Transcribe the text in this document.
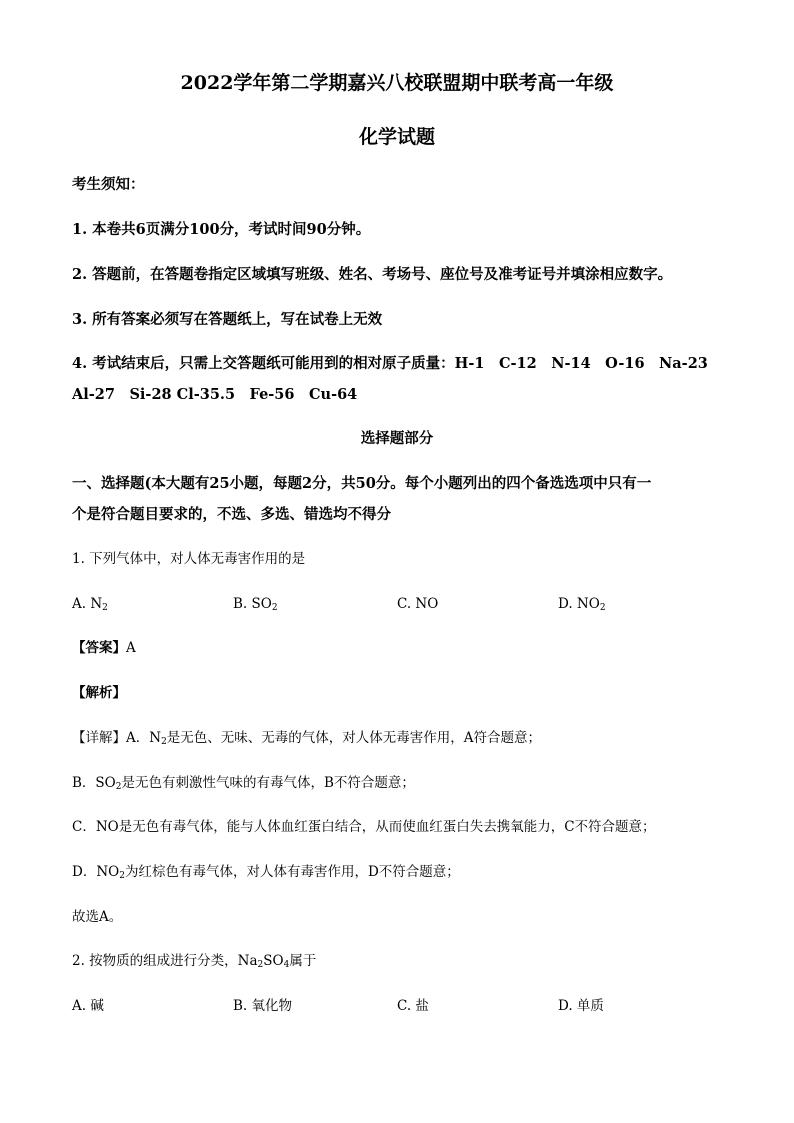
2022学年第二学期嘉兴八校联盟期中联考高一年级
化学试题
考生须知：
1. 本卷共6页满分100分，考试时间90分钟。
2. 答题前，在答题卷指定区域填写班级、姓名、考场号、座位号及准考证号并填涂相应数字。
3. 所有答案必须写在答题纸上，写在试卷上无效
4. 考试结束后，只需上交答题纸可能用到的相对原子质量：H-1　C-12　N-14　O-16　Na-23
Al-27　Si-28 Cl-35.5　Fe-56　Cu-64
选择题部分
一、选择题(本大题有25小题，每题2分，共50分。每个小题列出的四个备选选项中只有一
个是符合题目要求的，不选、多选、错选均不得分
1. 下列气体中，对人体无毒害作用的是
A. $N_2$	B. $SO_2$	C. NO	D. $NO_2$
【答案】A
【解析】
【详解】A．$N_2$是无色、无味、无毒的气体，对人体无毒害作用，A符合题意；
B．$SO_2$是无色有刺激性气味的有毒气体，B不符合题意；
C．NO是无色有毒气体，能与人体血红蛋白结合，从而使血红蛋白失去携氧能力，C不符合题意；
D．$NO_2$为红棕色有毒气体，对人体有毒害作用，D不符合题意；
故选A。
2. 按物质的组成进行分类，$Na_2SO_4$属于
A. 碱	B. 氧化物	C. 盐	D. 单质
